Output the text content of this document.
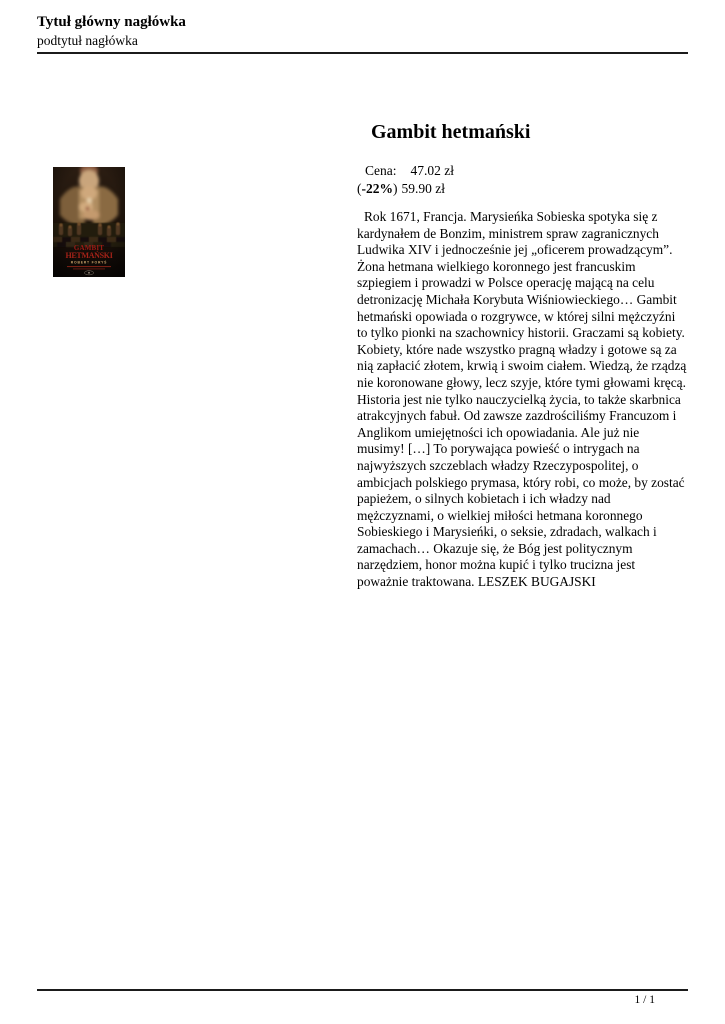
Tytuł główny nagłówka
podtytuł nagłówka
GAMBIT
HETMAŃSKI
ROBERT FORYŚ
Gambit hetmański
Cena: 47.02 zł
(-22%) 59.90 zł
Rok 1671, Francja. Marysieńka Sobieska spotyka się z kardynałem de Bonzim, ministrem spraw zagranicznych Ludwika XIV i jednocześnie jej „oficerem prowadzącym”. Żona hetmana wielkiego koronnego jest francuskim szpiegiem i prowadzi w Polsce operację mającą na celu detronizację Michała Korybuta Wiśniowieckiego… Gambit hetmański opowiada o rozgrywce, w której silni mężczyźni to tylko pionki na szachownicy historii. Graczami są kobiety. Kobiety, które nade wszystko pragną władzy i gotowe są za nią zapłacić złotem, krwią i swoim ciałem. Wiedzą, że rządzą nie koronowane głowy, lecz szyje, które tymi głowami kręcą. Historia jest nie tylko nauczycielką życia, to także skarbnica atrakcyjnych fabuł. Od zawsze zazdrościliśmy Francuzom i Anglikom umiejętności ich opowiadania. Ale już nie musimy! […] To porywająca powieść o intrygach na najwyższych szczeblach władzy Rzeczypospolitej, o ambicjach polskiego prymasa, który robi, co może, by zostać papieżem, o silnych kobietach i ich władzy nad mężczyznami, o wielkiej miłości hetmana koronnego Sobieskiego i Marysieńki, o seksie, zdradach, walkach i zamachach… Okazuje się, że Bóg jest politycznym narzędziem, honor można kupić i tylko trucizna jest poważnie traktowana. LESZEK BUGAJSKI
1 / 1
